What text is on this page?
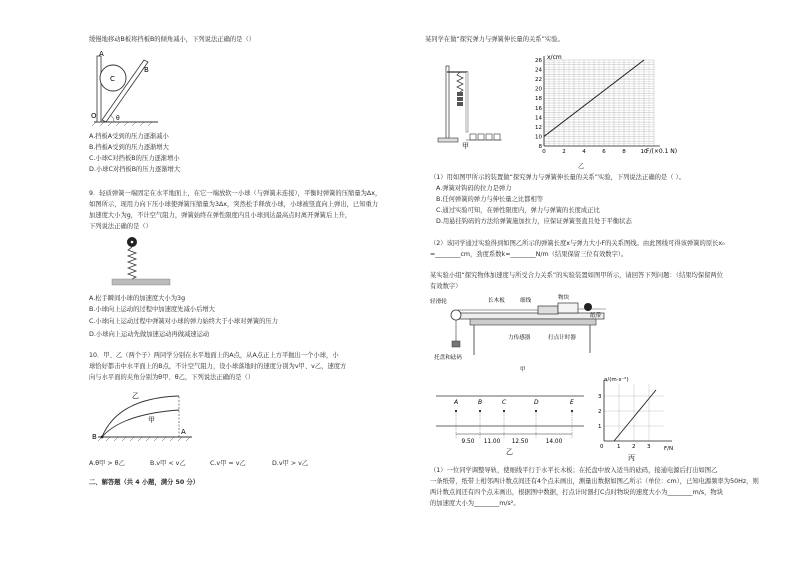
缓慢地移动B板将挡板B的倾角减小，下列说法正确的是（）
A
B
C
O	θ
A.挡板A受到的压力逐渐减小
B.挡板A受到的压力逐渐增大
C.小球C对挡板B的压力逐渐增小
D.小球C对挡板B的压力逐渐增大
9．轻质弹簧一端固定在水平地面上，在它一端放软一小球（与弹簧未连接），平衡时弹簧的压缩量为Δx，
如图所示，现用力向下压小球使弹簧压缩量为3Δx，突然松手释放小球，小球被竖直向上弹出，已知重力
加速度大小为g，不计空气阻力，弹簧始终在弹性限度内且小球到达最高点时离开弹簧后上升，
下列说法正确的是（）
A.松手瞬间小球的加速度大小为3g
B.小球向上运动的过程中加速度先减小后增大
C.小球向上运动过程中弹簧对小球的弹力始终大于小球对弹簧的压力
D.小球向上运动先做加速运动再做减速运动
10．甲、乙（两个子）两同学分别在水平地面上的A点，从A点正上方平抛出一个小球，小
球恰好都击中水平面上的B点，不计空气阻力，设小球落地时的速度分别为v甲、v乙，速度方
向与水平面的夹角分别为θ甲、θ乙，下列说法正确的是（）
乙
甲
B
A
A.θ甲 > θ乙	B.v甲 < v乙	C.v甲 = v乙	D.v甲 > v乙
二、解答题（共 4 小题，满分 50 分）
某同学在做“探究弹力与弹簧伸长量的关系”实验。
甲	8
10
12
14
16
18
20
22
24
26
0	2	4	6	8	10
x/cm
F/(×0.1 N)
乙
（1）用如图甲所示的装置做“探究弹力与弹簧伸长量的关系”实验，下列说法正确的是（ ）。
A.弹簧对钩码的拉力是弹力
B.任何弹簧的弹力与伸长量之比都相等
C.通过实验可知，在弹性限度内，弹力与弹簧的长度成正比
D.用悬挂钩码的方法给弹簧施加拉力，应保证弹簧竖直且处于平衡状态
（2）该同学通过实验得到如图乙所示的弹簧长度x与弹力大小F的关系图线。由此图线可得该弹簧的原长x₀
=________cm，劲度系数k=________N/m（结果保留三位有效数字）。
某实验小组“探究物体加速度与所受合力关系”的实验装置如图甲所示，请回答下列问题：（结果均保留两位
有效数字）
轻滑轮	长木板	细线	物块
纸带
力传感器	打点计时器
托盘和砝码
甲
A	B	C	D	E
9.50 11.00 12.50	14.00
乙
a/(m·s⁻²)
F/N
1
2
3
0 1 2 3
丙
（1）一位同学调整导轨，使细线平行于水平长木板；在托盘中放入适当的砝码，接通电源后打出如图乙
一条纸带，纸带上相邻两计数点间还有4个点未画出，测量出数据如图乙所示（单位：cm），已知电源频率为50Hz，则
两计数点间还有四个点未画出，根据图中数据，打点计时器打C点时物块的速度大小为________m/s，物块
的加速度大小为________m/s²。
